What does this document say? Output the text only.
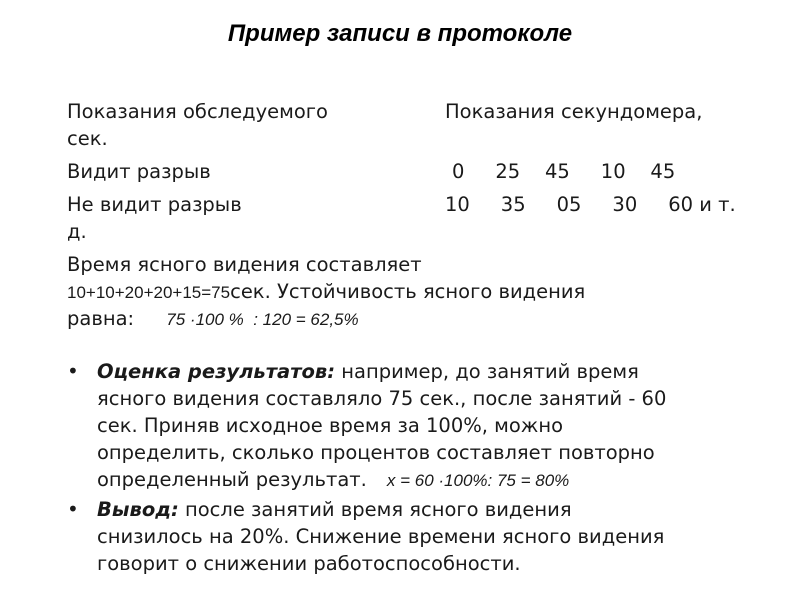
Пример записи в протоколе
Показания обследуемого	Показания секундомера,
сек.
Видит разрыв	0     25    45     10    45
Не видит разрыв	10     35     05     30     60 и т.
д.
Время ясного видения составляет
10+10+20+20+15=75сек. Устойчивость ясного видения
равна: 75 ·100 %  : 120 = 62,5%
• Оценка результатов: например, до занятий время
ясного видения составляло 75 сек., после занятий - 60
сек. Приняв исходное время за 100%, можно
определить, сколько процентов составляет повторно
определенный результат. x = 60 ·100%: 75 = 80%
• Вывод: после занятий время ясного видения
снизилось на 20%. Снижение времени ясного видения
говорит о снижении работоспособности.
